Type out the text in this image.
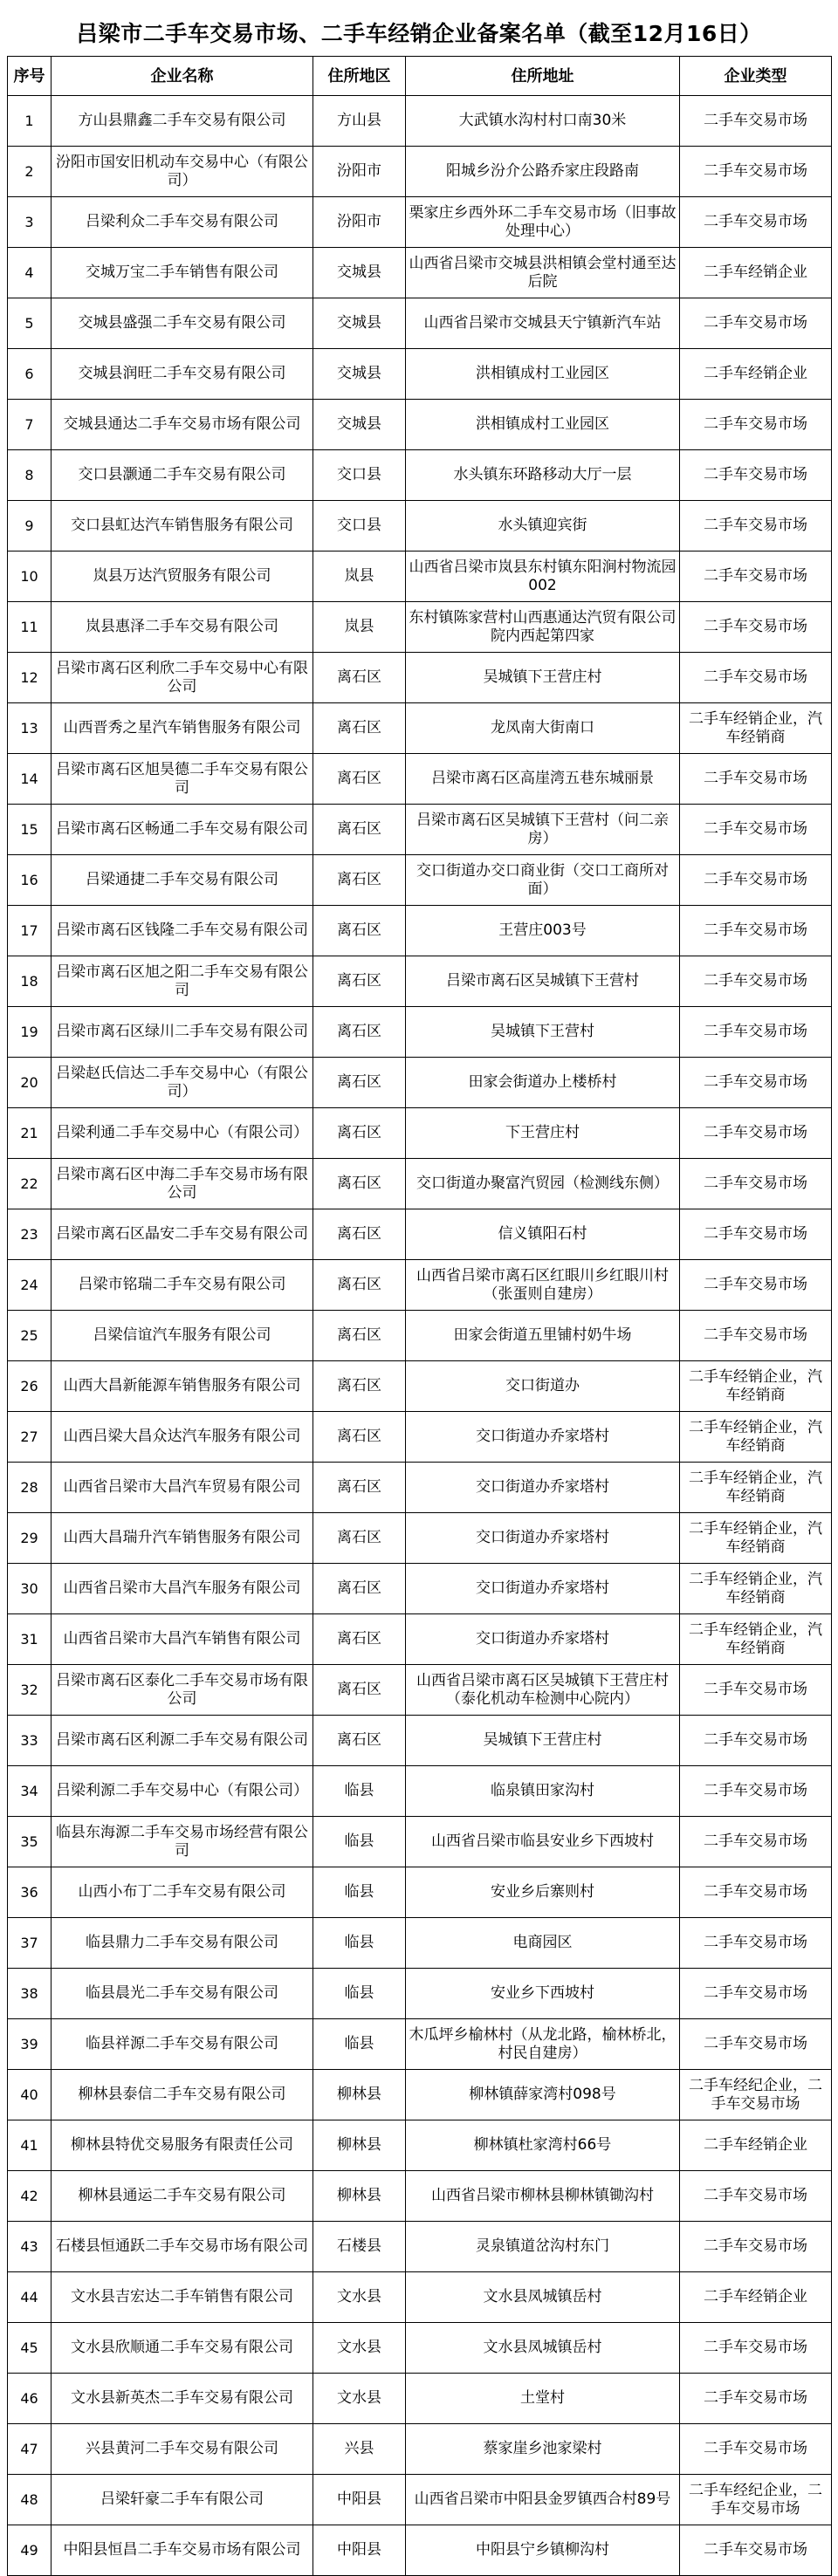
吕梁市二手车交易市场、二手车经销企业备案名单（截至12月16日）
序号	企业名称	住所地区	住所地址	企业类型
1	方山县鼎鑫二手车交易有限公司	方山县	大武镇水沟村村口南30米	二手车交易市场
2	汾阳市国安旧机动车交易中心（有限公司）	汾阳市	阳城乡汾介公路乔家庄段路南	二手车交易市场
3	吕梁利众二手车交易有限公司	汾阳市	栗家庄乡西外环二手车交易市场（旧事故处理中心）	二手车交易市场
4	交城万宝二手车销售有限公司	交城县	山西省吕梁市交城县洪相镇会堂村通至达后院	二手车经销企业
5	交城县盛强二手车交易有限公司	交城县	山西省吕梁市交城县天宁镇新汽车站	二手车交易市场
6	交城县润旺二手车交易有限公司	交城县	洪相镇成村工业园区	二手车经销企业
7	交城县通达二手车交易市场有限公司	交城县	洪相镇成村工业园区	二手车交易市场
8	交口县灏通二手车交易有限公司	交口县	水头镇东环路移动大厅一层	二手车交易市场
9	交口县虹达汽车销售服务有限公司	交口县	水头镇迎宾街	二手车交易市场
10	岚县万达汽贸服务有限公司	岚县	山西省吕梁市岚县东村镇东阳涧村物流园002	二手车交易市场
11	岚县惠泽二手车交易有限公司	岚县	东村镇陈家营村山西惠通达汽贸有限公司院内西起第四家	二手车交易市场
12	吕梁市离石区利欣二手车交易中心有限公司	离石区	吴城镇下王营庄村	二手车交易市场
13	山西晋秀之星汽车销售服务有限公司	离石区	龙凤南大街南口	二手车经销企业，汽车经销商
14	吕梁市离石区旭昊德二手车交易有限公司	离石区	吕梁市离石区高崖湾五巷东城丽景	二手车交易市场
15	吕梁市离石区畅通二手车交易有限公司	离石区	吕梁市离石区吴城镇下王营村（问二亲房）	二手车交易市场
16	吕梁通捷二手车交易有限公司	离石区	交口街道办交口商业街（交口工商所对面）	二手车交易市场
17	吕梁市离石区钱隆二手车交易有限公司	离石区	王营庄003号	二手车交易市场
18	吕梁市离石区旭之阳二手车交易有限公司	离石区	吕梁市离石区吴城镇下王营村	二手车交易市场
19	吕梁市离石区绿川二手车交易有限公司	离石区	吴城镇下王营村	二手车交易市场
20	吕梁赵氏信达二手车交易中心（有限公司）	离石区	田家会街道办上楼桥村	二手车交易市场
21	吕梁利通二手车交易中心（有限公司）	离石区	下王营庄村	二手车交易市场
22	吕梁市离石区中海二手车交易市场有限公司	离石区	交口街道办聚富汽贸园（检测线东侧）	二手车交易市场
23	吕梁市离石区晶安二手车交易有限公司	离石区	信义镇阳石村	二手车交易市场
24	吕梁市铭瑞二手车交易有限公司	离石区	山西省吕梁市离石区红眼川乡红眼川村（张蛋则自建房）	二手车交易市场
25	吕梁信谊汽车服务有限公司	离石区	田家会街道五里铺村奶牛场	二手车交易市场
26	山西大昌新能源车销售服务有限公司	离石区	交口街道办	二手车经销企业，汽车经销商
27	山西吕梁大昌众达汽车服务有限公司	离石区	交口街道办乔家塔村	二手车经销企业，汽车经销商
28	山西省吕梁市大昌汽车贸易有限公司	离石区	交口街道办乔家塔村	二手车经销企业，汽车经销商
29	山西大昌瑞升汽车销售服务有限公司	离石区	交口街道办乔家塔村	二手车经销企业，汽车经销商
30	山西省吕梁市大昌汽车服务有限公司	离石区	交口街道办乔家塔村	二手车经销企业，汽车经销商
31	山西省吕梁市大昌汽车销售有限公司	离石区	交口街道办乔家塔村	二手车经销企业，汽车经销商
32	吕梁市离石区泰化二手车交易市场有限公司	离石区	山西省吕梁市离石区吴城镇下王营庄村（泰化机动车检测中心院内）	二手车交易市场
33	吕梁市离石区利源二手车交易有限公司	离石区	吴城镇下王营庄村	二手车交易市场
34	吕梁利源二手车交易中心（有限公司）	临县	临泉镇田家沟村	二手车交易市场
35	临县东海源二手车交易市场经营有限公司	临县	山西省吕梁市临县安业乡下西坡村	二手车交易市场
36	山西小布丁二手车交易有限公司	临县	安业乡后寨则村	二手车交易市场
37	临县鼎力二手车交易有限公司	临县	电商园区	二手车交易市场
38	临县晨光二手车交易有限公司	临县	安业乡下西坡村	二手车交易市场
39	临县祥源二手车交易有限公司	临县	木瓜坪乡榆林村（从龙北路，榆林桥北，村民自建房）	二手车交易市场
40	柳林县泰信二手车交易有限公司	柳林县	柳林镇薛家湾村098号	二手车经纪企业，二手车交易市场
41	柳林县特优交易服务有限责任公司	柳林县	柳林镇杜家湾村66号	二手车经销企业
42	柳林县通运二手车交易有限公司	柳林县	山西省吕梁市柳林县柳林镇锄沟村	二手车交易市场
43	石楼县恒通跃二手车交易市场有限公司	石楼县	灵泉镇道岔沟村东门	二手车交易市场
44	文水县吉宏达二手车销售有限公司	文水县	文水县凤城镇岳村	二手车经销企业
45	文水县欣顺通二手车交易有限公司	文水县	文水县凤城镇岳村	二手车交易市场
46	文水县新英杰二手车交易有限公司	文水县	土堂村	二手车交易市场
47	兴县黄河二手车交易有限公司	兴县	蔡家崖乡池家梁村	二手车交易市场
48	吕梁轩豪二手车有限公司	中阳县	山西省吕梁市中阳县金罗镇西合村89号	二手车经纪企业，二手车交易市场
49	中阳县恒昌二手车交易市场有限公司	中阳县	中阳县宁乡镇柳沟村	二手车交易市场
